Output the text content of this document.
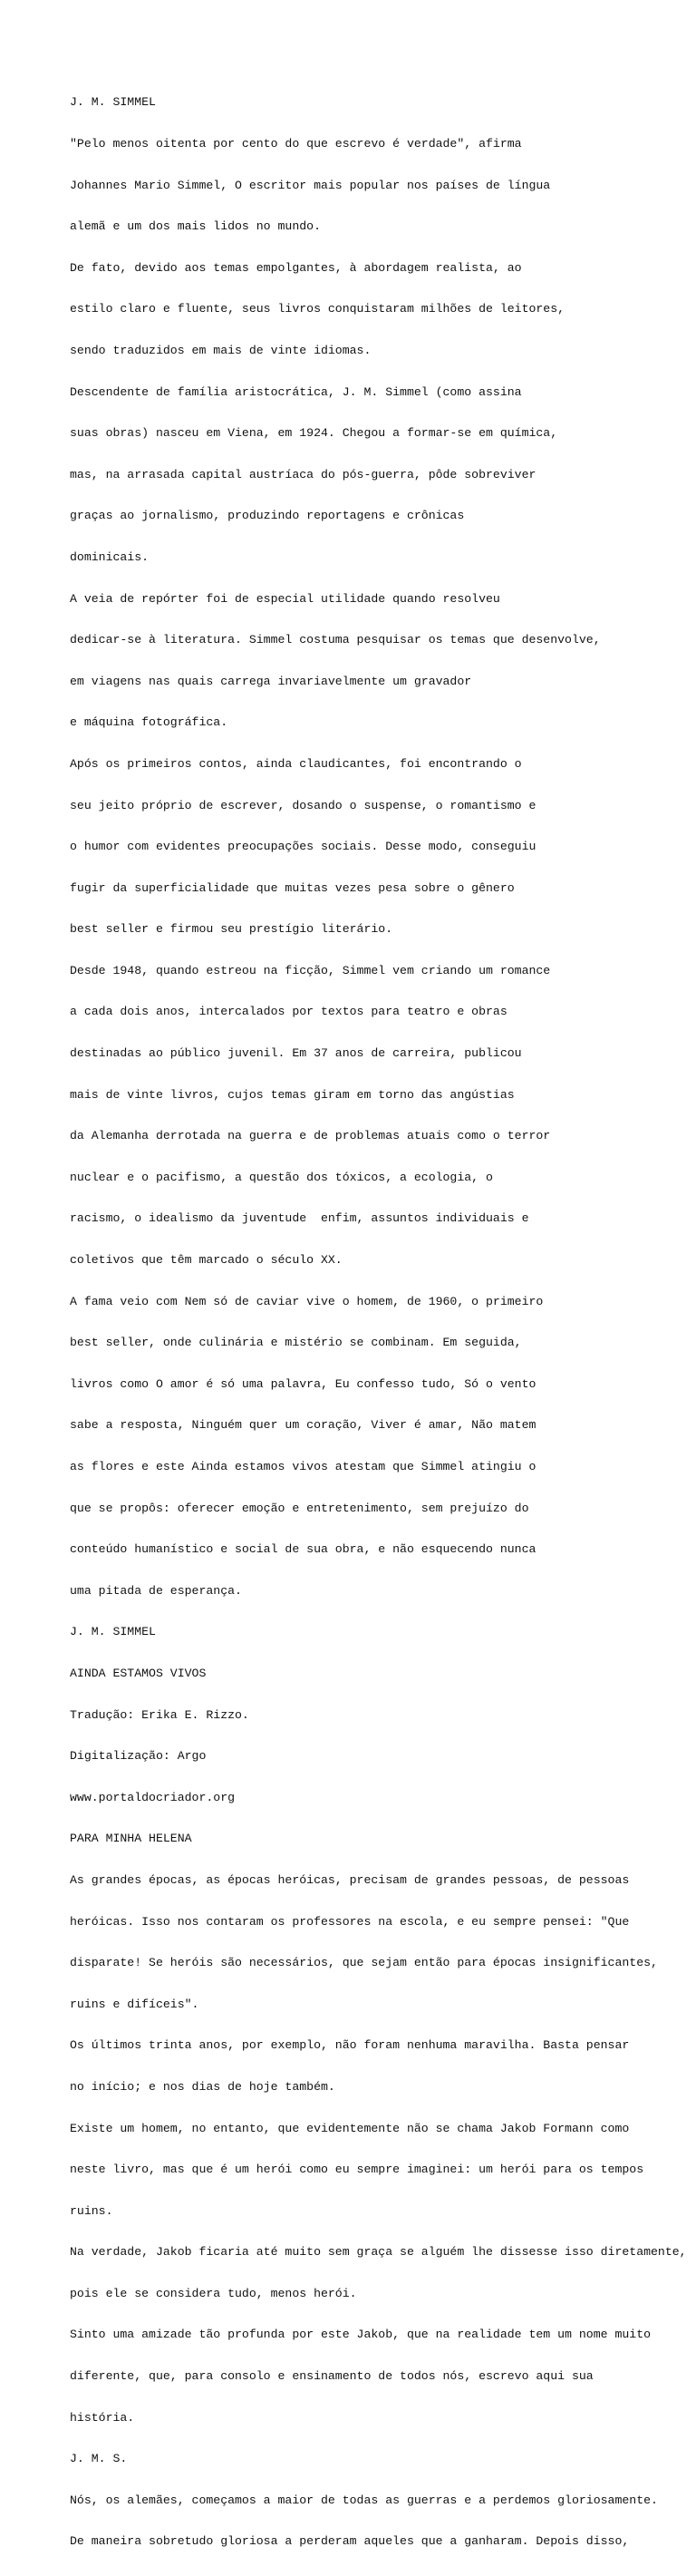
J. M. SIMMEL

"Pelo menos oitenta por cento do que escrevo é verdade", afirma

Johannes Mario Simmel, O escritor mais popular nos países de língua

alemã e um dos mais lidos no mundo.

De fato, devido aos temas empolgantes, à abordagem realista, ao

estilo claro e fluente, seus livros conquistaram milhões de leitores,

sendo traduzidos em mais de vinte idiomas.

Descendente de família aristocrática, J. M. Simmel (como assina

suas obras) nasceu em Viena, em 1924. Chegou a formar-se em química,

mas, na arrasada capital austríaca do pós-guerra, pôde sobreviver

graças ao jornalismo, produzindo reportagens e crônicas

dominicais.

A veia de repórter foi de especial utilidade quando resolveu

dedicar-se à literatura. Simmel costuma pesquisar os temas que desenvolve,

em viagens nas quais carrega invariavelmente um gravador

e máquina fotográfica.

Após os primeiros contos, ainda claudicantes, foi encontrando o

seu jeito próprio de escrever, dosando o suspense, o romantismo e

o humor com evidentes preocupações sociais. Desse modo, conseguiu

fugir da superficialidade que muitas vezes pesa sobre o gênero

best seller e firmou seu prestígio literário.

Desde 1948, quando estreou na ficção, Simmel vem criando um romance

a cada dois anos, intercalados por textos para teatro e obras

destinadas ao público juvenil. Em 37 anos de carreira, publicou

mais de vinte livros, cujos temas giram em torno das angústias

da Alemanha derrotada na guerra e de problemas atuais como o terror

nuclear e o pacifismo, a questão dos tóxicos, a ecologia, o

racismo, o idealismo da juventude  enfim, assuntos individuais e

coletivos que têm marcado o século XX.

A fama veio com Nem só de caviar vive o homem, de 1960, o primeiro

best seller, onde culinária e mistério se combinam. Em seguida,

livros como O amor é só uma palavra, Eu confesso tudo, Só o vento

sabe a resposta, Ninguém quer um coração, Viver é amar, Não matem

as flores e este Ainda estamos vivos atestam que Simmel atingiu o

que se propôs: oferecer emoção e entretenimento, sem prejuízo do

conteúdo humanístico e social de sua obra, e não esquecendo nunca

uma pitada de esperança.

J. M. SIMMEL

AINDA ESTAMOS VIVOS

Tradução: Erika E. Rizzo.

Digitalização: Argo

www.portaldocriador.org

PARA MINHA HELENA

As grandes épocas, as épocas heróicas, precisam de grandes pessoas, de pessoas

heróicas. Isso nos contaram os professores na escola, e eu sempre pensei: "Que

disparate! Se heróis são necessários, que sejam então para épocas insignificantes,

ruins e difíceis".

Os últimos trinta anos, por exemplo, não foram nenhuma maravilha. Basta pensar

no início; e nos dias de hoje também.

Existe um homem, no entanto, que evidentemente não se chama Jakob Formann como

neste livro, mas que é um herói como eu sempre imaginei: um herói para os tempos

ruins.

Na verdade, Jakob ficaria até muito sem graça se alguém lhe dissesse isso diretamente,

pois ele se considera tudo, menos herói.

Sinto uma amizade tão profunda por este Jakob, que na realidade tem um nome muito

diferente, que, para consolo e ensinamento de todos nós, escrevo aqui sua

história.

J. M. S.

Nós, os alemães, começamos a maior de todas as guerras e a perdemos gloriosamente.

De maneira sobretudo gloriosa a perderam aqueles que a ganharam. Depois disso,
